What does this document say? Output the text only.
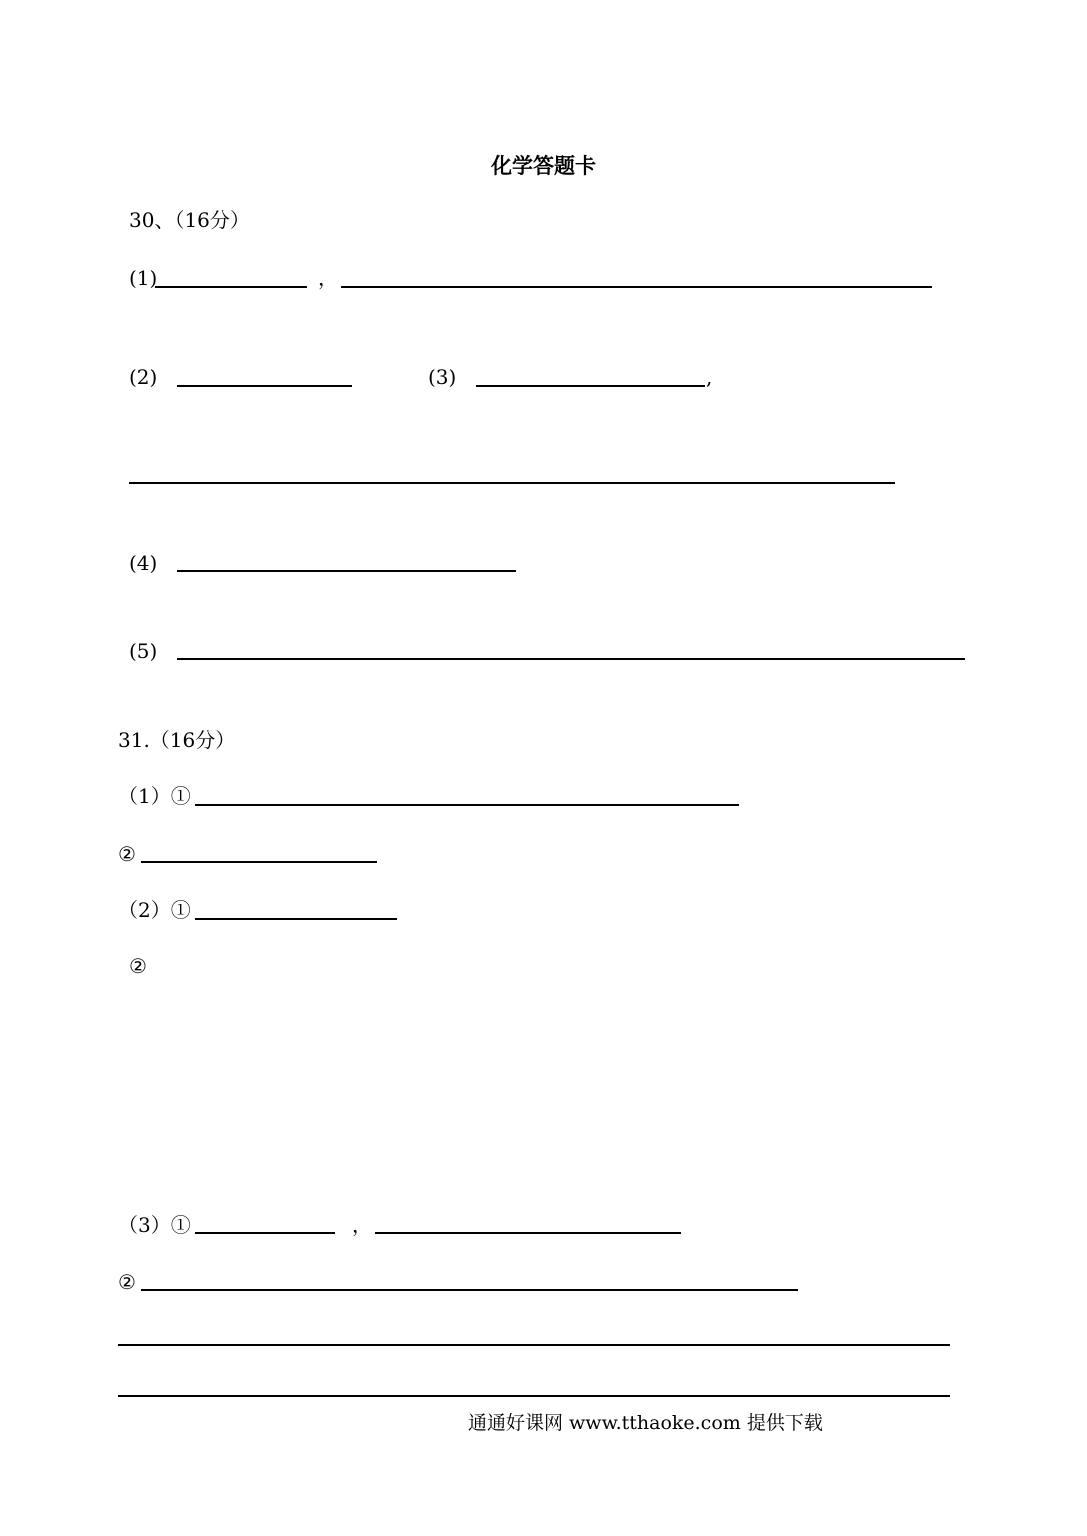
化学答题卡
30、（16分）
(1)	，
(2)	(3)	,
(4)
(5)
31.（16分）
（1）①
②
（2）①
②
（3）①	，
②
通通好课网 www.tthaoke.com 提供下载
